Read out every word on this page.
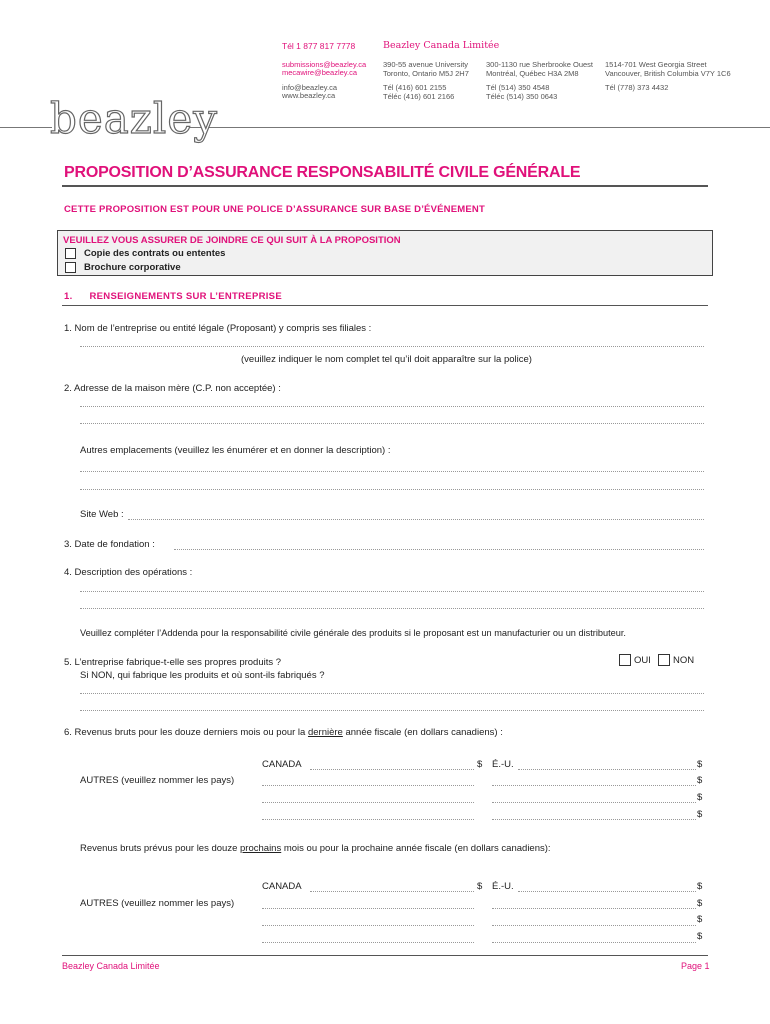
beazley
Tél 1 877 817 7778
submissions@beazley.ca
mecawire@beazley.ca
info@beazley.ca
www.beazley.ca
Beazley Canada Limitée
390-55 avenue University
Toronto, Ontario M5J 2H7
Tél (416) 601 2155
Téléc (416) 601 2166
300-1130 rue Sherbrooke Ouest
Montréal, Québec H3A 2M8
Tél (514) 350 4548
Téléc (514) 350 0643
1514-701 West Georgia Street
Vancouver, British Columbia V7Y 1C6
Tél (778) 373 4432
PROPOSITION D’ASSURANCE RESPONSABILITÉ CIVILE GÉNÉRALE
CETTE PROPOSITION EST POUR UNE POLICE D’ASSURANCE SUR BASE D’ÉVÉNEMENT
VEUILLEZ VOUS ASSURER DE JOINDRE CE QUI SUIT À LA PROPOSITION
Copie des contrats ou ententes
Brochure corporative
1. RENSEIGNEMENTS SUR L’ENTREPRISE
1. Nom de l’entreprise ou entité légale (Proposant) y compris ses filiales :
(veuillez indiquer le nom complet tel qu’il doit apparaître sur la police)
2. Adresse de la maison mère (C.P. non acceptée) :
Autres emplacements (veuillez les énumérer et en donner la description) :
Site Web :
3. Date de fondation :
4. Description des opérations :
Veuillez compléter l’Addenda pour la responsabilité civile générale des produits si le proposant est un manufacturier ou un distributeur.
5. L’entreprise fabrique-t-elle ses propres produits ?
Si NON, qui fabrique les produits et où sont-ils fabriqués ?
OUI NON
6. Revenus bruts pour les douze derniers mois ou pour la dernière année fiscale (en dollars canadiens) :
CANADA	$ É.-U.	$
AUTRES (veuillez nommer les pays)	$
$
$
Revenus bruts prévus pour les douze prochains mois ou pour la prochaine année fiscale (en dollars canadiens):
CANADA	$ É.-U.	$
AUTRES (veuillez nommer les pays)	$
$
$
Beazley Canada Limitée	Page 1
